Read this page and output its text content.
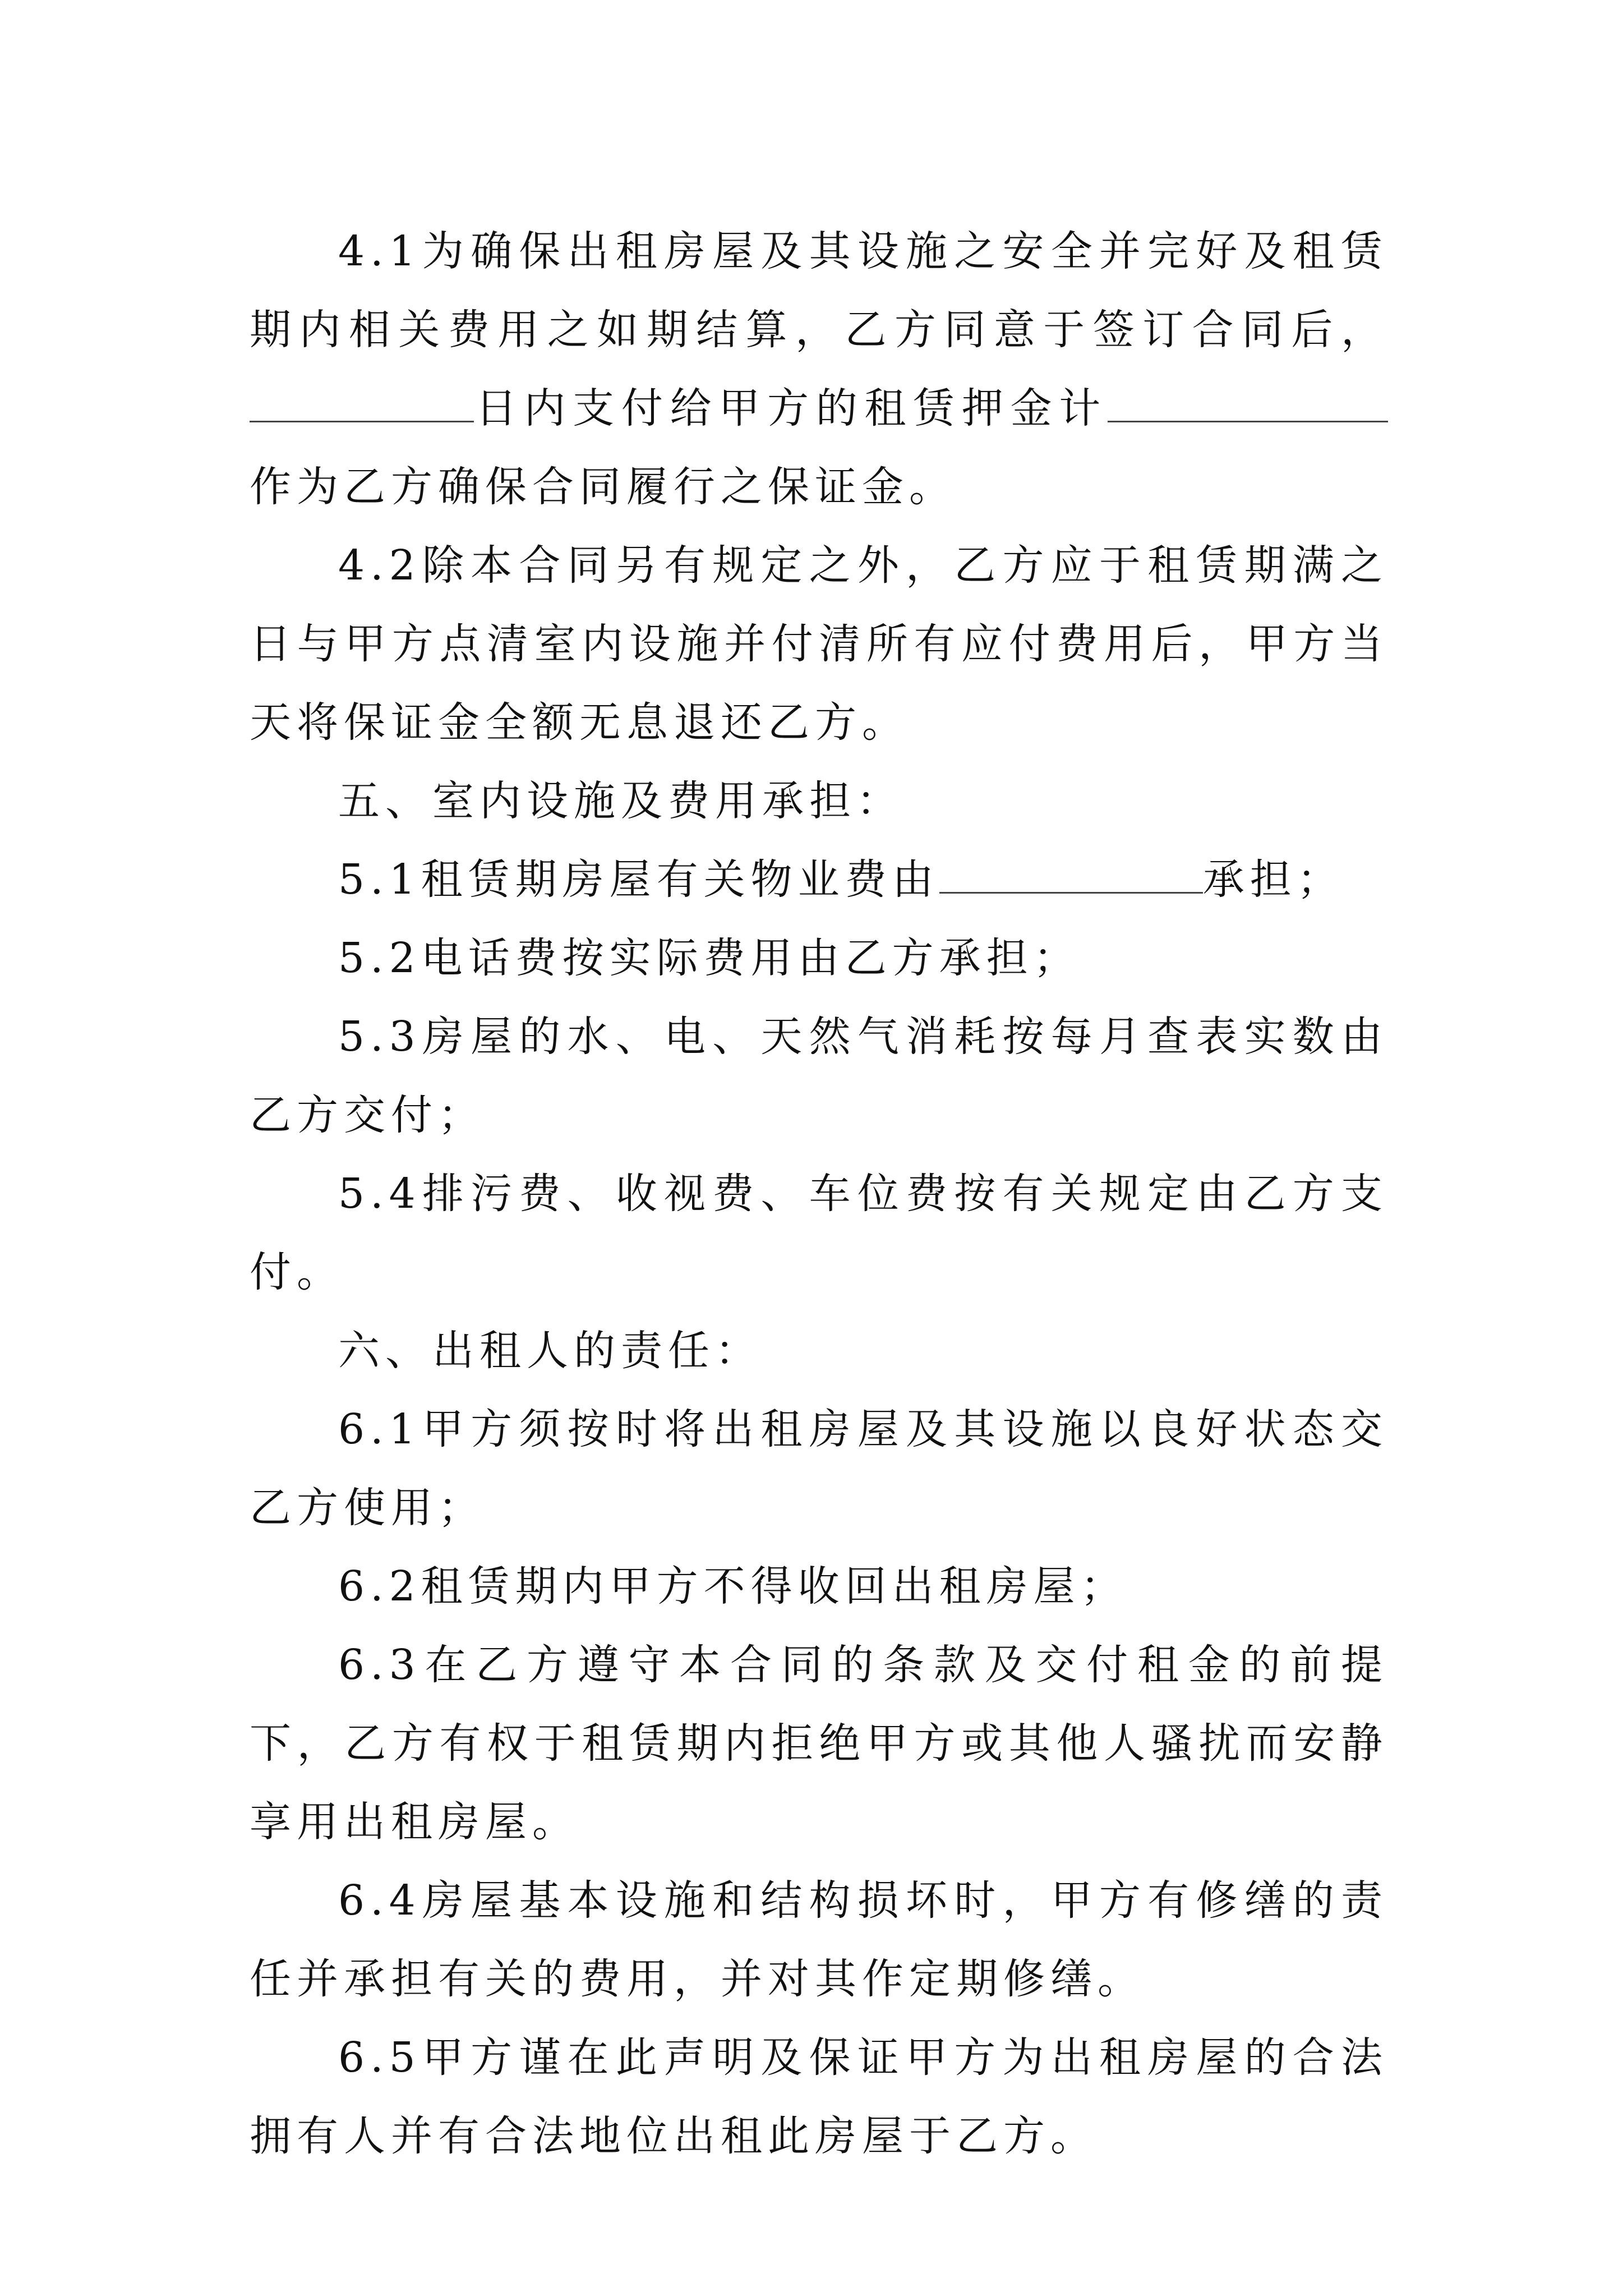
4.1为确保出租房屋及其设施之安全并完好及租赁期内相关费用之如期结算，乙方同意于签订合同后，日内支付给甲方的租赁押金计作为乙方确保合同履行之保证金。

4.2除本合同另有规定之外，乙方应于租赁期满之日与甲方点清室内设施并付清所有应付费用后，甲方当天将保证金全额无息退还乙方。

五、室内设施及费用承担：

5.1租赁期房屋有关物业费由	承担；

5.2电话费按实际费用由乙方承担；

5.3房屋的水、电、天然气消耗按每月查表实数由乙方交付；

5.4排污费、收视费、车位费按有关规定由乙方支付。

六、出租人的责任：

6.1甲方须按时将出租房屋及其设施以良好状态交乙方使用；

6.2租赁期内甲方不得收回出租房屋；

6.3在乙方遵守本合同的条款及交付租金的前提下，乙方有权于租赁期内拒绝甲方或其他人骚扰而安静享用出租房屋。

6.4房屋基本设施和结构损坏时，甲方有修缮的责任并承担有关的费用，并对其作定期修缮。

6.5甲方谨在此声明及保证甲方为出租房屋的合法拥有人并有合法地位出租此房屋于乙方。
